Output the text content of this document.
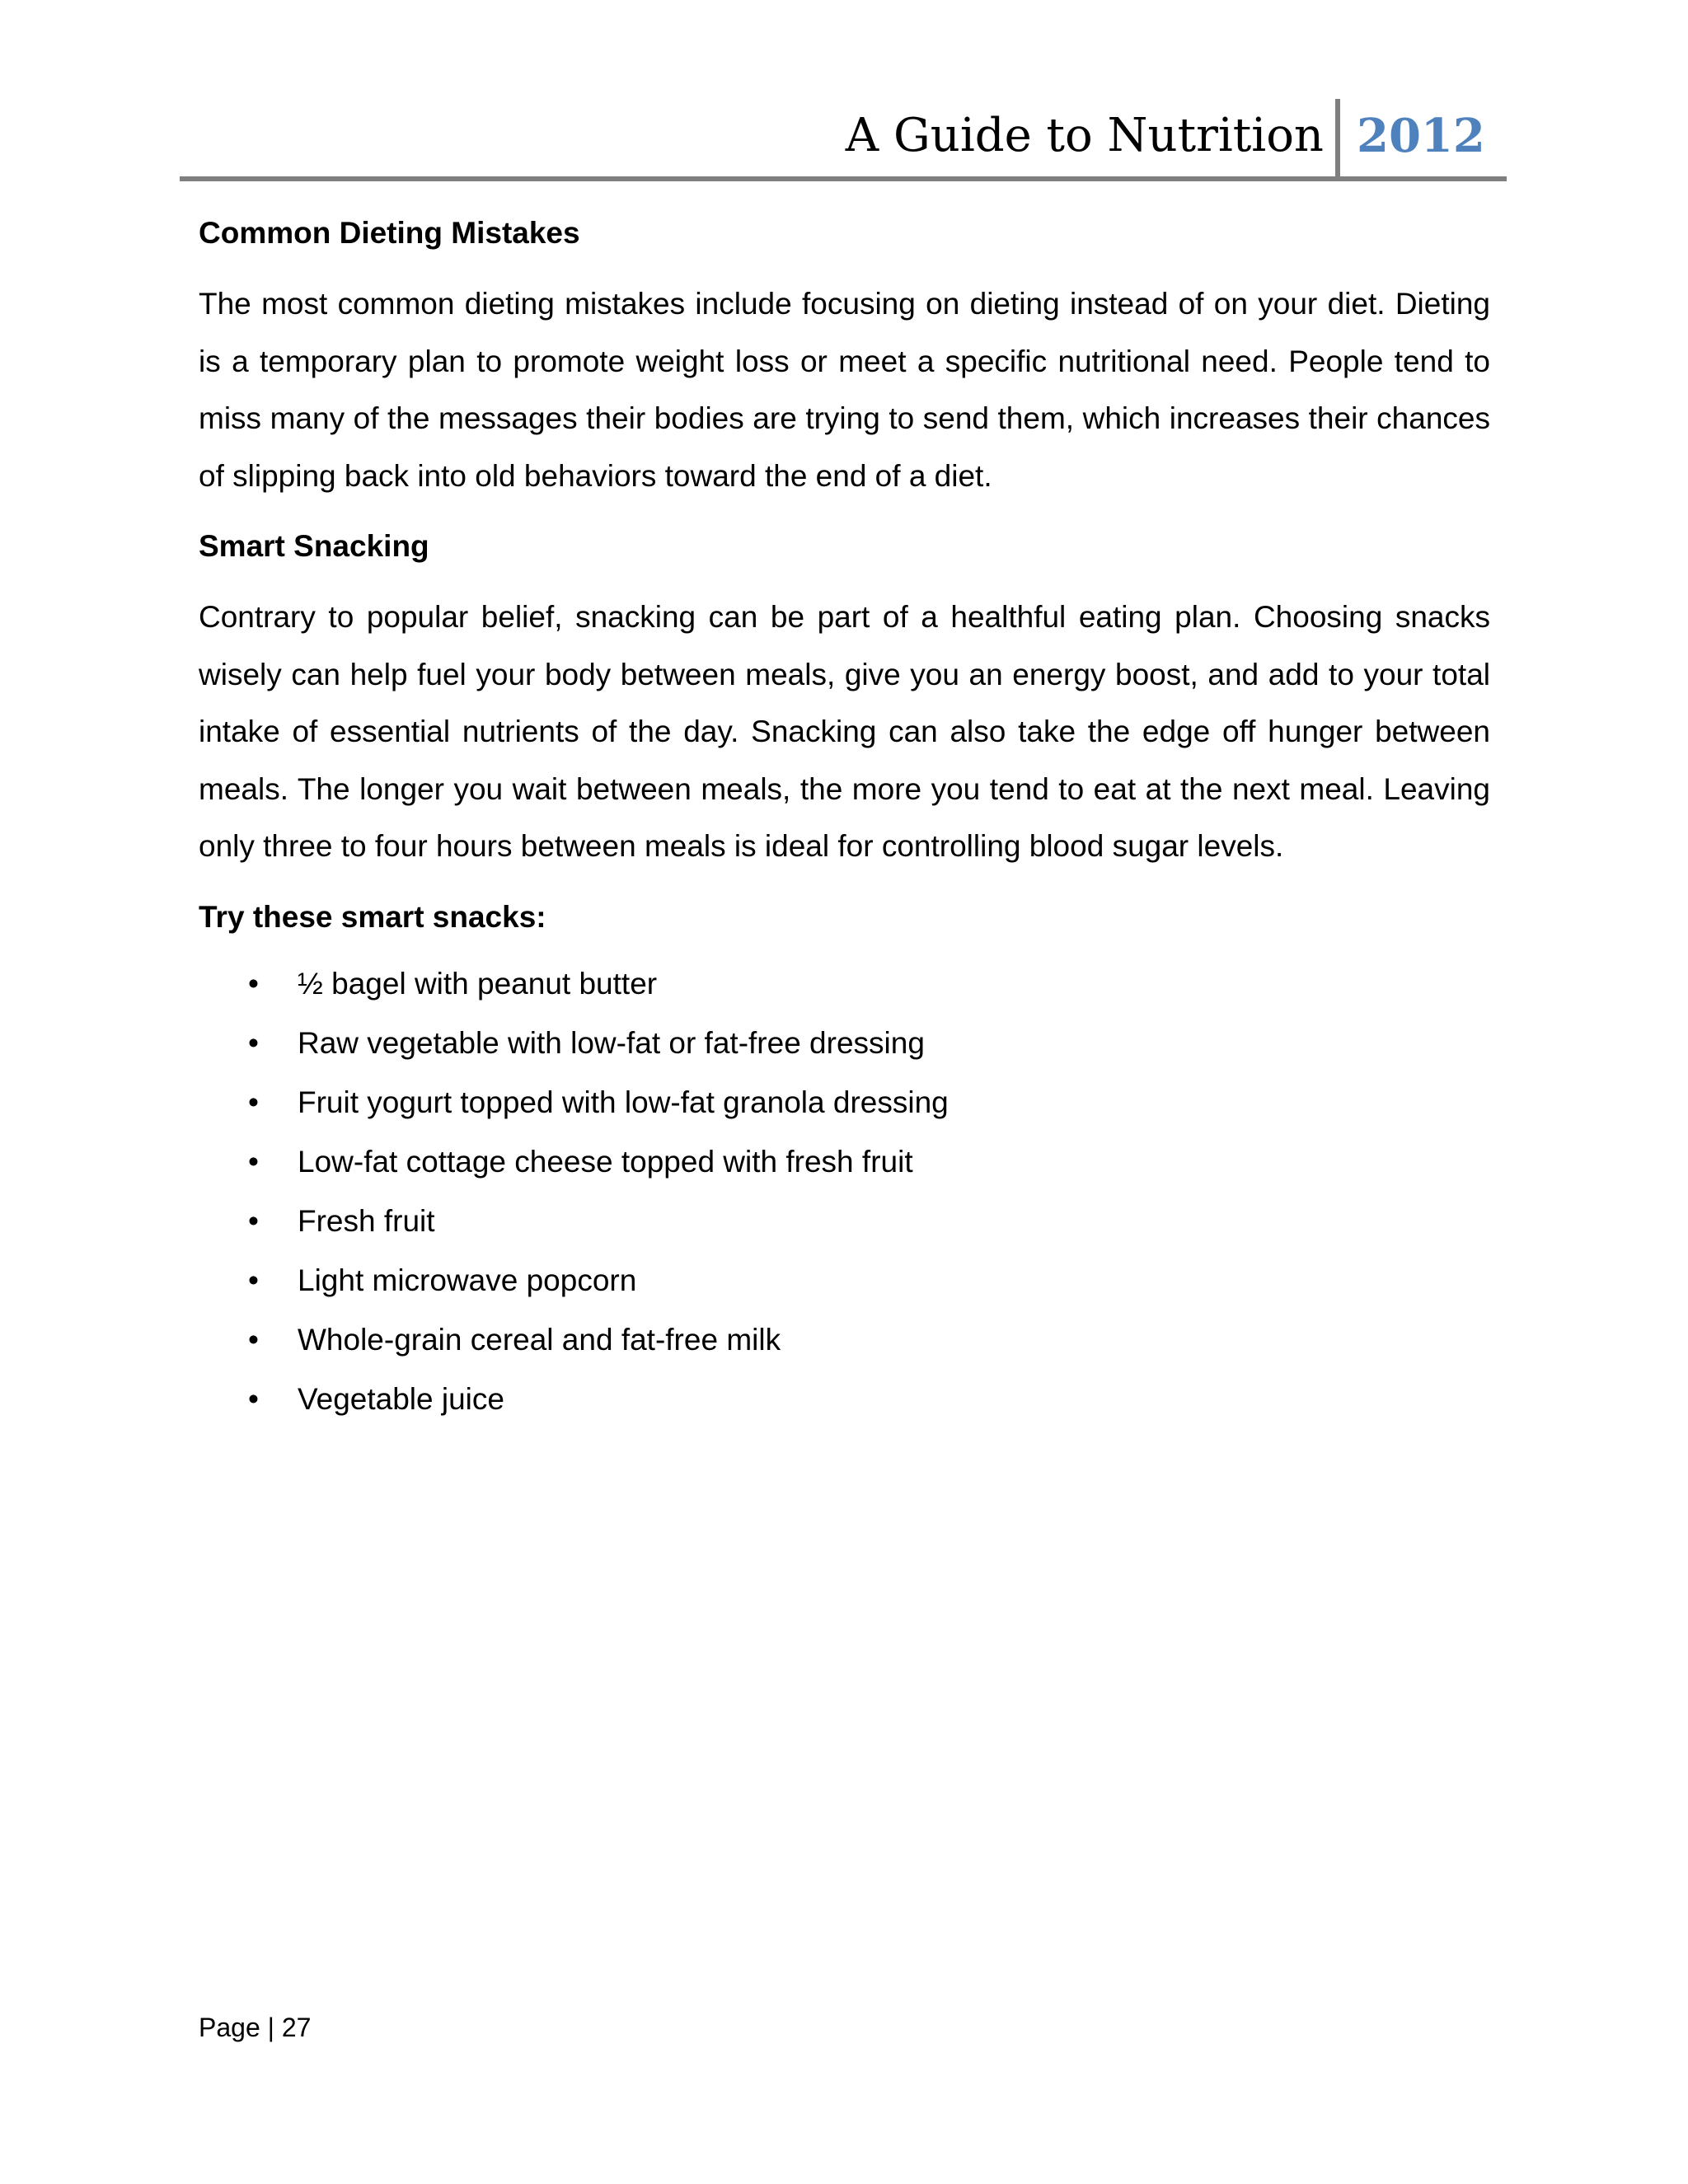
A Guide to Nutrition 2012
Common Dieting Mistakes

The most common dieting mistakes include focusing on dieting instead of on your diet. Dieting is a temporary plan to promote weight loss or meet a specific nutritional need. People tend to miss many of the messages their bodies are trying to send them, which increases their chances of slipping back into old behaviors toward the end of a diet.

Smart Snacking

Contrary to popular belief, snacking can be part of a healthful eating plan. Choosing snacks wisely can help fuel your body between meals, give you an energy boost, and add to your total intake of essential nutrients of the day. Snacking can also take the edge off hunger between meals. The longer you wait between meals, the more you tend to eat at the next meal. Leaving only three to four hours between meals is ideal for controlling blood sugar levels.

Try these smart snacks:
• ½ bagel with peanut butter
• Raw vegetable with low-fat or fat-free dressing
• Fruit yogurt topped with low-fat granola dressing
• Low-fat cottage cheese topped with fresh fruit
• Fresh fruit
• Light microwave popcorn
• Whole-grain cereal and fat-free milk
• Vegetable juice
Page | 27
